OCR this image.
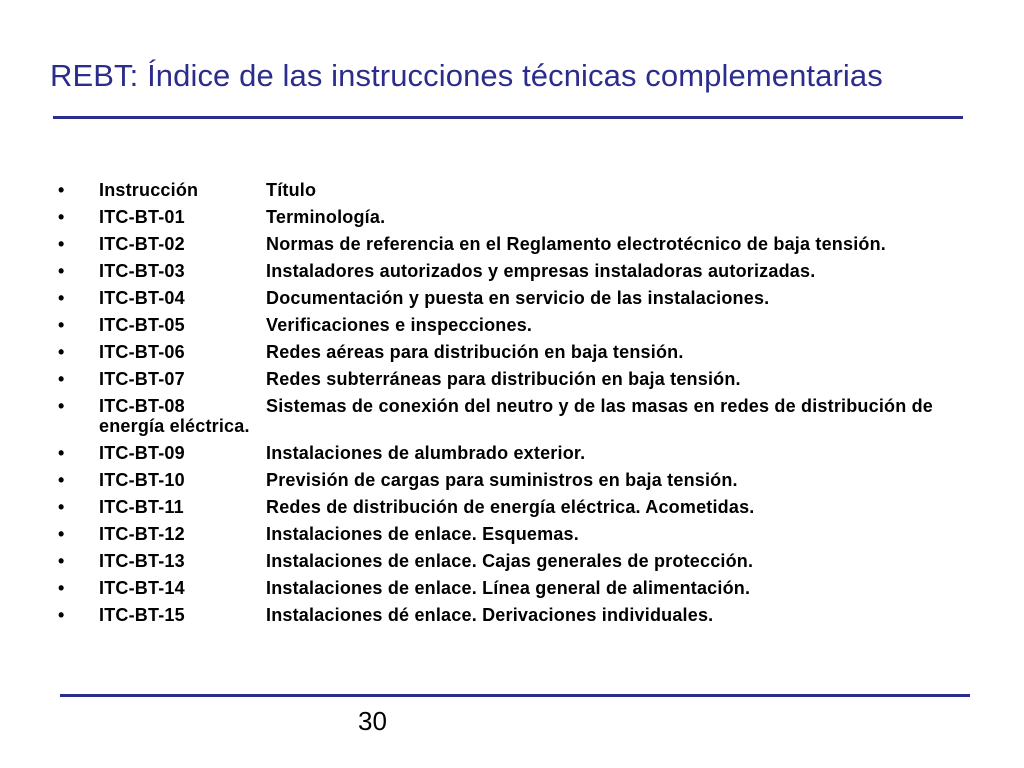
REBT: Índice de las instrucciones técnicas complementarias
• Instrucción	Título
• ITC-BT-01	Terminología.
• ITC-BT-02	Normas de referencia en el Reglamento electrotécnico de baja tensión.
• ITC-BT-03	Instaladores autorizados y empresas instaladoras autorizadas.
• ITC-BT-04	Documentación y puesta en servicio de las instalaciones.
• ITC-BT-05	Verificaciones e inspecciones.
• ITC-BT-06	Redes aéreas para distribución en baja tensión.
• ITC-BT-07	Redes subterráneas para distribución en baja tensión.
• ITC-BT-08	Sistemas de conexión del neutro y de las masas en redes de distribución de energía eléctrica.
• ITC-BT-09	Instalaciones de alumbrado exterior.
• ITC-BT-10	Previsión de cargas para suministros en baja tensión.
• ITC-BT-11	Redes de distribución de energía eléctrica. Acometidas.
• ITC-BT-12	Instalaciones de enlace. Esquemas.
• ITC-BT-13	Instalaciones de enlace. Cajas generales de protección.
• ITC-BT-14	Instalaciones de enlace. Línea general de alimentación.
• ITC-BT-15	Instalaciones dé enlace. Derivaciones individuales.
30
